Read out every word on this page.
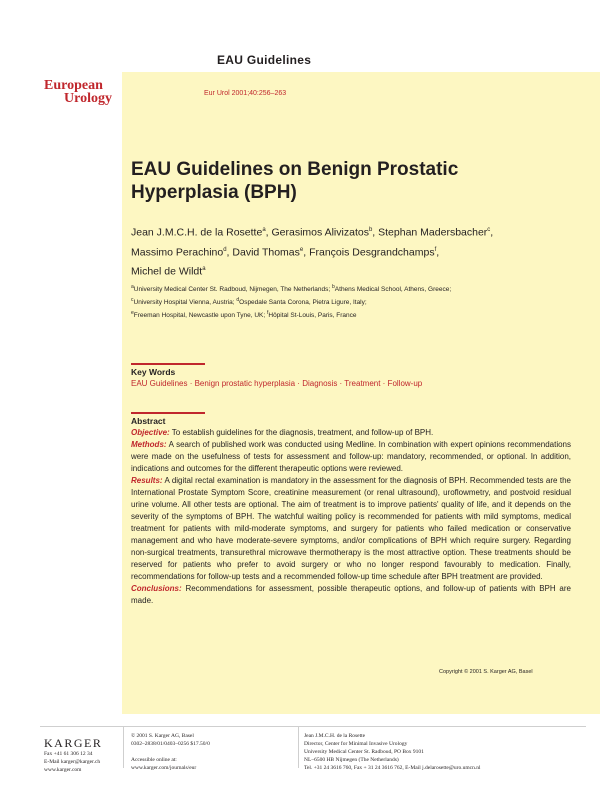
EAU Guidelines
European
Urology	Eur Urol 2001;40:256–263
EAU Guidelines on Benign Prostatic Hyperplasia (BPH)
Jean J.M.C.H. de la Rosette$^a$, Gerasimos Alivizatos$^b$, Stephan Madersbacher$^c$,
Massimo Perachino$^d$, David Thomas$^e$, François Desgrandchamps$^f$,
Michel de Wildt$^a$
$^a$University Medical Center St. Radboud, Nijmegen, The Netherlands; $^b$Athens Medical School, Athens, Greece;
$^c$University Hospital Vienna, Austria; $^d$Ospedale Santa Corona, Pietra Ligure, Italy;
$^e$Freeman Hospital, Newcastle upon Tyne, UK; $^f$Hôpital St-Louis, Paris, France
Key Words
EAU Guidelines · Benign prostatic hyperplasia · Diagnosis · Treatment · Follow-up
Abstract
Objective: To establish guidelines for the diagnosis, treatment, and follow-up of BPH.
Methods: A search of published work was conducted using Medline. In combination with expert opinions recommendations were made on the usefulness of tests for assessment and follow-up: mandatory, recommended, or optional. In addition, indications and outcomes for the different therapeutic options were reviewed.
Results: A digital rectal examination is mandatory in the assessment for the diagnosis of BPH. Recommended tests are the International Prostate Symptom Score, creatinine measurement (or renal ultrasound), uroflowmetry, and postvoid residual urine volume. All other tests are optional. The aim of treatment is to improve patients' quality of life, and it depends on the severity of the symptoms of BPH. The watchful waiting policy is recommended for patients with mild symptoms, medical treatment for patients with mild-moderate symptoms, and surgery for patients who failed medication or conservative management and who have moderate-severe symptoms, and/or complications of BPH which require surgery. Regarding non-surgical treatments, transurethral microwave thermotherapy is the most attractive option. These treatments should be reserved for patients who prefer to avoid surgery or who no longer respond favourably to medication. Finally, recommendations for follow-up tests and a recommended follow-up time schedule after BPH treatment are provided.
Conclusions: Recommendations for assessment, possible therapeutic options, and follow-up of patients with BPH are made.
Copyright © 2001 S. Karger AG, Basel
KARGER
Fax +41 61 306 12 34
E-Mail karger@karger.ch
www.karger.com
© 2001 S. Karger AG, Basel
0302–2838/01/0403–0256 $17.50/0

Accessible online at:
www.karger.com/journals/eur
Jean J.M.C.H. de la Rosette
Director, Center for Minimal Invasive Urology
University Medical Center St. Radboud, PO Box 9101
NL–6500 HB Nijmegen (The Netherlands)
Tel. +31 24 3616 760, Fax + 31 24 3616 762, E-Mail j.delarosette@uro.umcn.nl
